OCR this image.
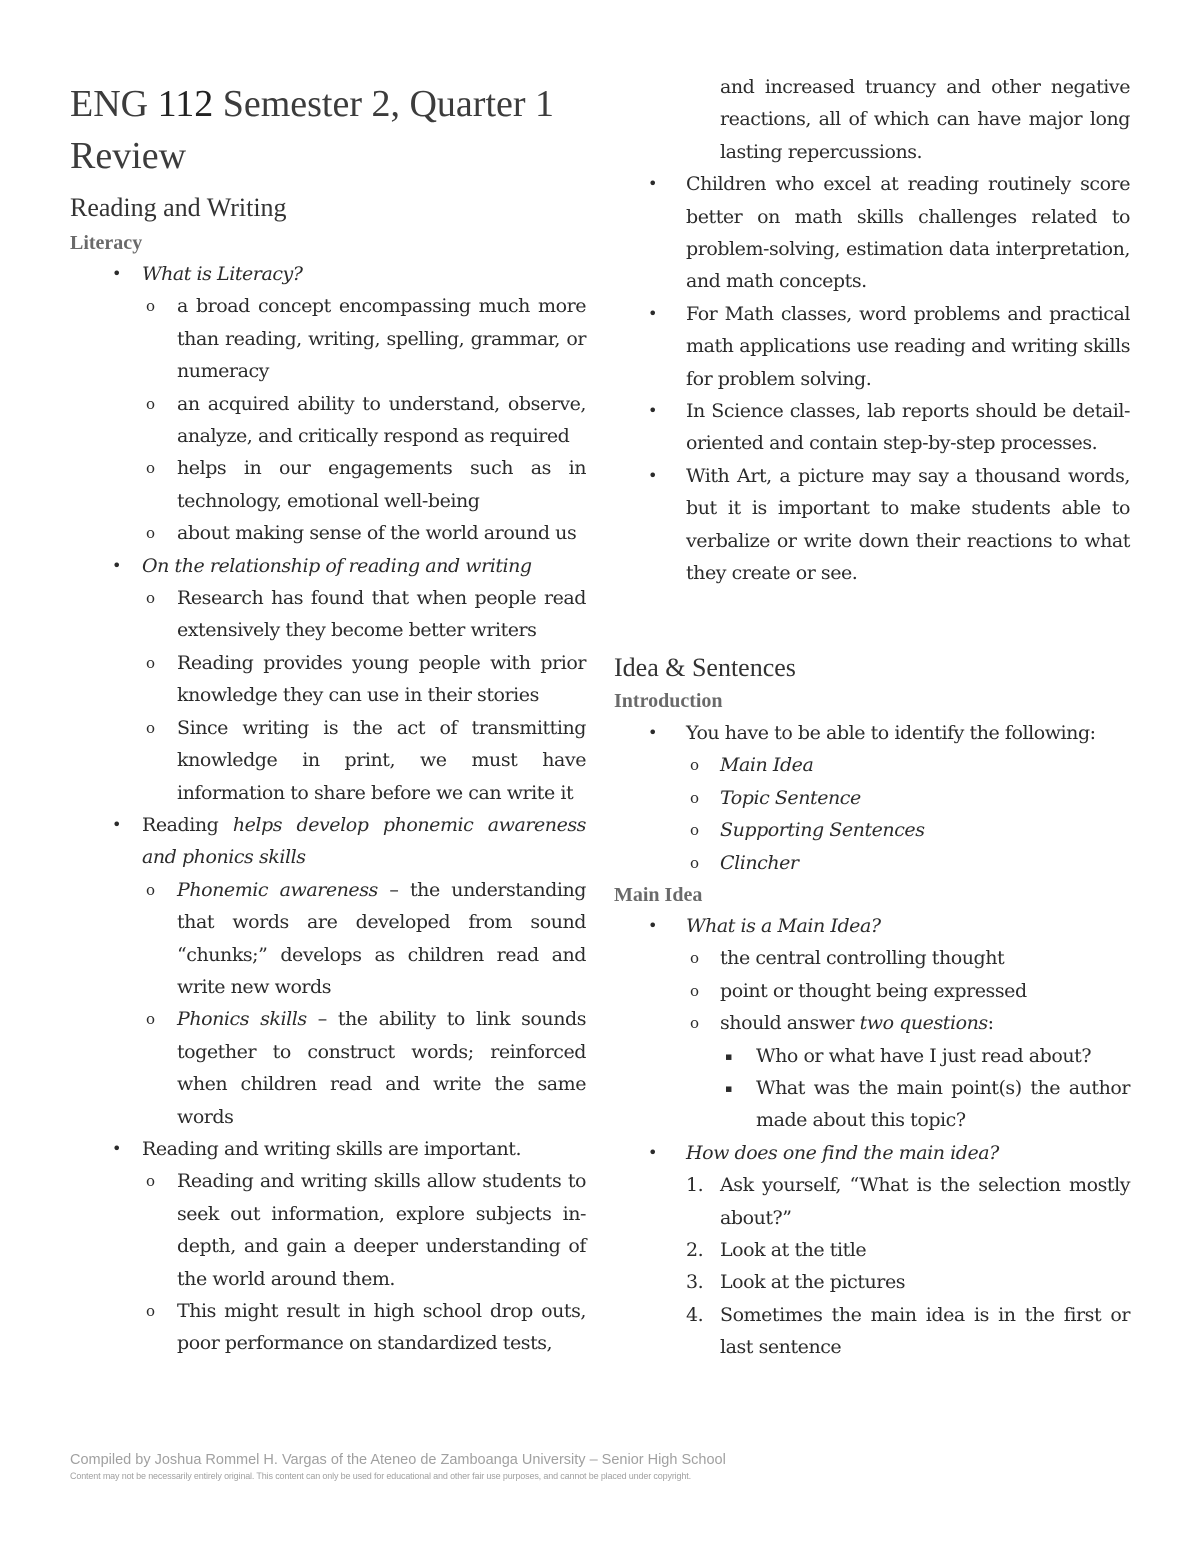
ENG 112 Semester 2, Quarter 1
Review
Reading and Writing
Literacy
• What is Literacy?
o a broad concept encompassing much more than reading, writing, spelling, grammar, or numeracy
o an acquired ability to understand, observe, analyze, and critically respond as required
o helps in our engagements such as in technology, emotional well-being
o about making sense of the world around us
• On the relationship of reading and writing
o Research has found that when people read extensively they become better writers
o Reading provides young people with prior knowledge they can use in their stories
o Since writing is the act of transmitting knowledge in print, we must have information to share before we can write it
• Reading helps develop phonemic awareness and phonics skills
o Phonemic awareness – the understanding that words are developed from sound “chunks;” develops as children read and write new words
o Phonics skills – the ability to link sounds together to construct words; reinforced when children read and write the same words
• Reading and writing skills are important.
o Reading and writing skills allow students to seek out information, explore subjects in-depth, and gain a deeper understanding of the world around them.
o This might result in high school drop outs, poor performance on standardized tests,
and increased truancy and other negative reactions, all of which can have major long lasting repercussions.
• Children who excel at reading routinely score better on math skills challenges related to problem-solving, estimation data interpretation, and math concepts.
• For Math classes, word problems and practical math applications use reading and writing skills for problem solving.
• In Science classes, lab reports should be detail-oriented and contain step-by-step processes.
• With Art, a picture may say a thousand words, but it is important to make students able to verbalize or write down their reactions to what they create or see.
Idea & Sentences
Introduction
• You have to be able to identify the following:
o Main Idea
o Topic Sentence
o Supporting Sentences
o Clincher
Main Idea
• What is a Main Idea?
o the central controlling thought
o point or thought being expressed
o should answer two questions:
▪ Who or what have I just read about?
▪ What was the main point(s) the author made about this topic?
• How does one find the main idea?
1. Ask yourself, “What is the selection mostly about?”
2. Look at the title
3. Look at the pictures
4. Sometimes the main idea is in the first or last sentence
Compiled by Joshua Rommel H. Vargas of the Ateneo de Zamboanga University – Senior High School
Content may not be necessarily entirely original. This content can only be used for educational and other fair use purposes, and cannot be placed under copyright.
